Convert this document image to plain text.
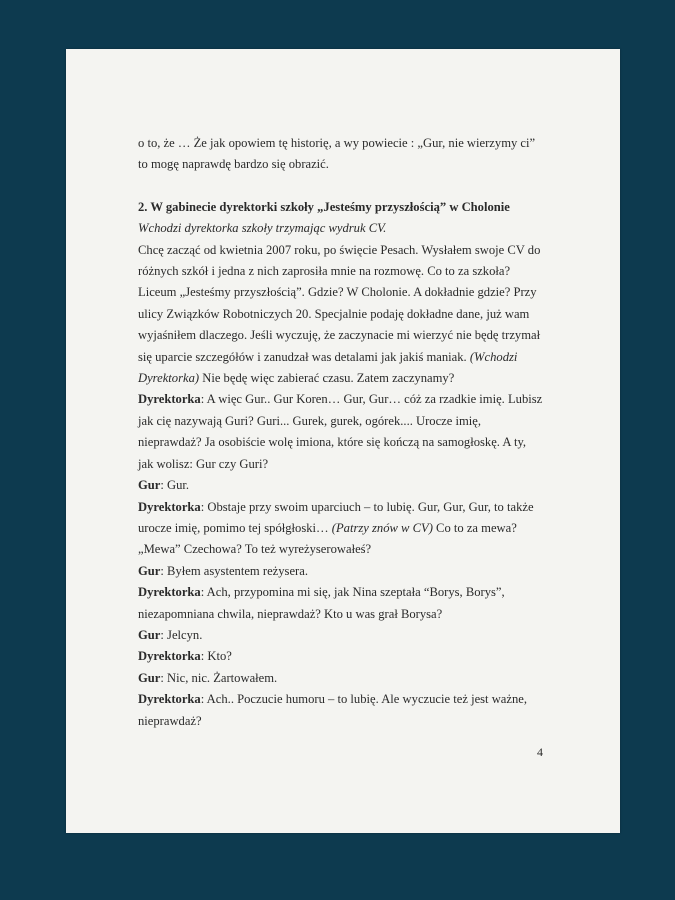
o to, że … Że jak opowiem tę historię, a wy powiecie : „Gur, nie wierzymy ci”

to mogę naprawdę bardzo się obrazić.

2. W gabinecie dyrektorki szkoły „Jesteśmy przyszłością” w Cholonie

Wchodzi dyrektorka szkoły trzymając wydruk CV.

Chcę zacząć od kwietnia 2007 roku, po święcie Pesach. Wysłałem swoje CV do

różnych szkół i jedna z nich zaprosiła mnie na rozmowę. Co to za szkoła?

Liceum „Jesteśmy przyszłością”. Gdzie? W Cholonie. A dokładnie gdzie? Przy

ulicy Związków Robotniczych 20. Specjalnie podaję dokładne dane, już wam

wyjaśniłem dlaczego. Jeśli wyczuję, że zaczynacie mi wierzyć nie będę trzymał

się uparcie szczegółów i zanudzał was detalami jak jakiś maniak. (Wchodzi

Dyrektorka) Nie będę więc zabierać czasu. Zatem zaczynamy?

Dyrektorka: A więc Gur.. Gur Koren… Gur, Gur… cóż za rzadkie imię. Lubisz

jak cię nazywają Guri? Guri... Gurek, gurek, ogórek.... Urocze imię,

nieprawdaż? Ja osobiście wolę imiona, które się kończą na samogłoskę. A ty,

jak wolisz: Gur czy Guri?

Gur: Gur.

Dyrektorka: Obstaje przy swoim uparciuch – to lubię. Gur, Gur, Gur, to także

urocze imię, pomimo tej spółgłoski… (Patrzy znów w CV) Co to za mewa?

„Mewa” Czechowa? To też wyreżyserowałeś?

Gur: Byłem asystentem reżysera.

Dyrektorka: Ach, przypomina mi się, jak Nina szeptała “Borys, Borys”,

niezapomniana chwila, nieprawdaż? Kto u was grał Borysa?

Gur: Jelcyn.

Dyrektorka: Kto?

Gur: Nic, nic. Żartowałem.

Dyrektorka: Ach.. Poczucie humoru – to lubię. Ale wyczucie też jest ważne,

nieprawdaż?

4
